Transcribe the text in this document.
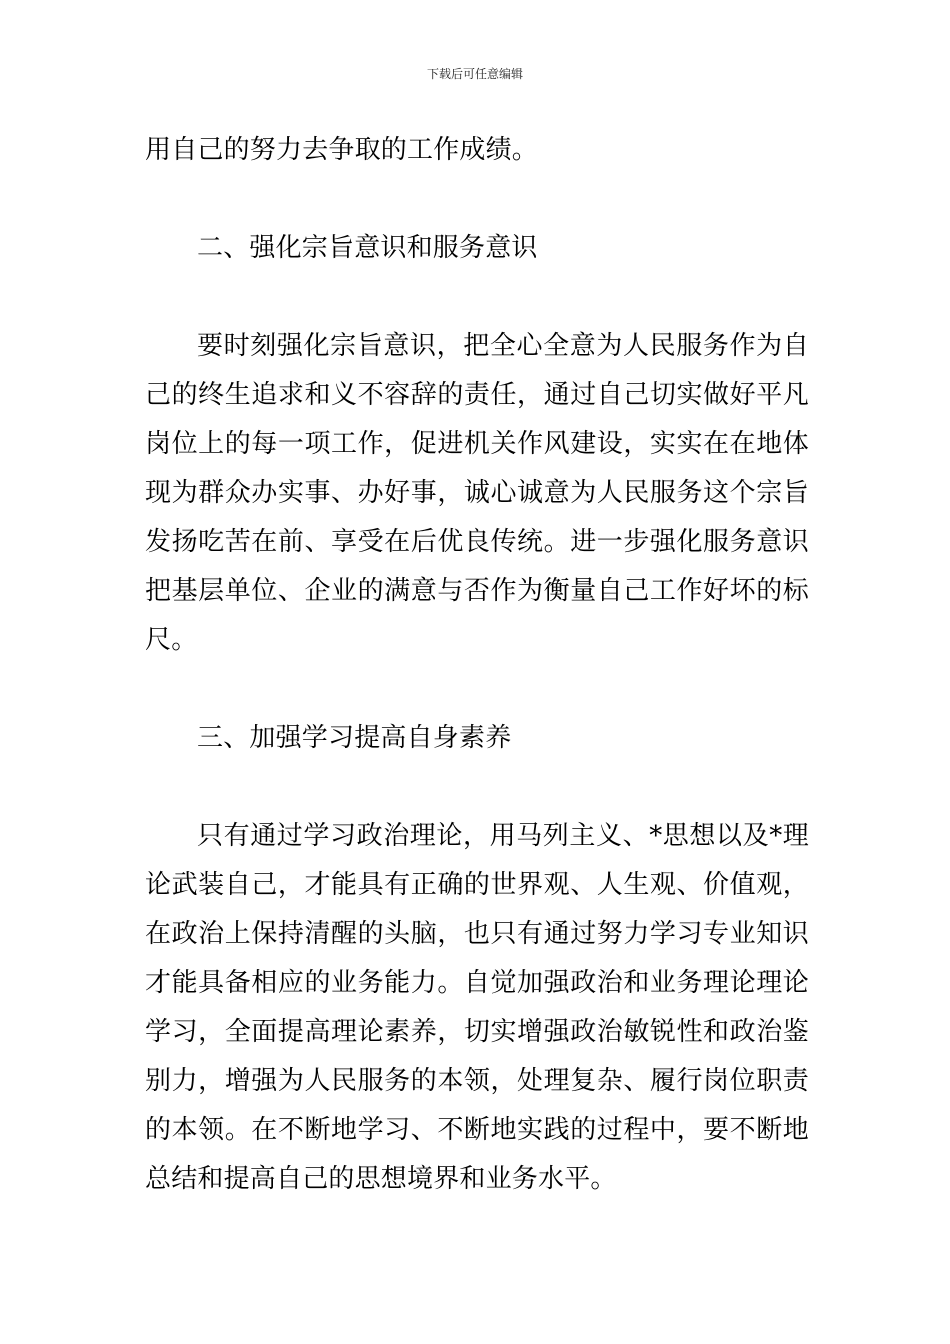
下载后可任意编辑

用自己的努力去争取的工作成绩。

二、强化宗旨意识和服务意识

要时刻强化宗旨意识，把全心全意为人民服务作为自己的终生追求和义不容辞的责任，通过自己切实做好平凡岗位上的每一项工作，促进机关作风建设，实实在在地体现为群众办实事、办好事，诚心诚意为人民服务这个宗旨发扬吃苦在前、享受在后优良传统。进一步强化服务意识把基层单位、企业的满意与否作为衡量自己工作好坏的标尺。

三、加强学习提高自身素养

只有通过学习政治理论，用马列主义、*思想以及*理论武装自己，才能具有正确的世界观、人生观、价值观，在政治上保持清醒的头脑，也只有通过努力学习专业知识才能具备相应的业务能力。自觉加强政治和业务理论理论学习，全面提高理论素养，切实增强政治敏锐性和政治鉴别力，增强为人民服务的本领，处理复杂、履行岗位职责的本领。在不断地学习、不断地实践的过程中，要不断地总结和提高自己的思想境界和业务水平。
